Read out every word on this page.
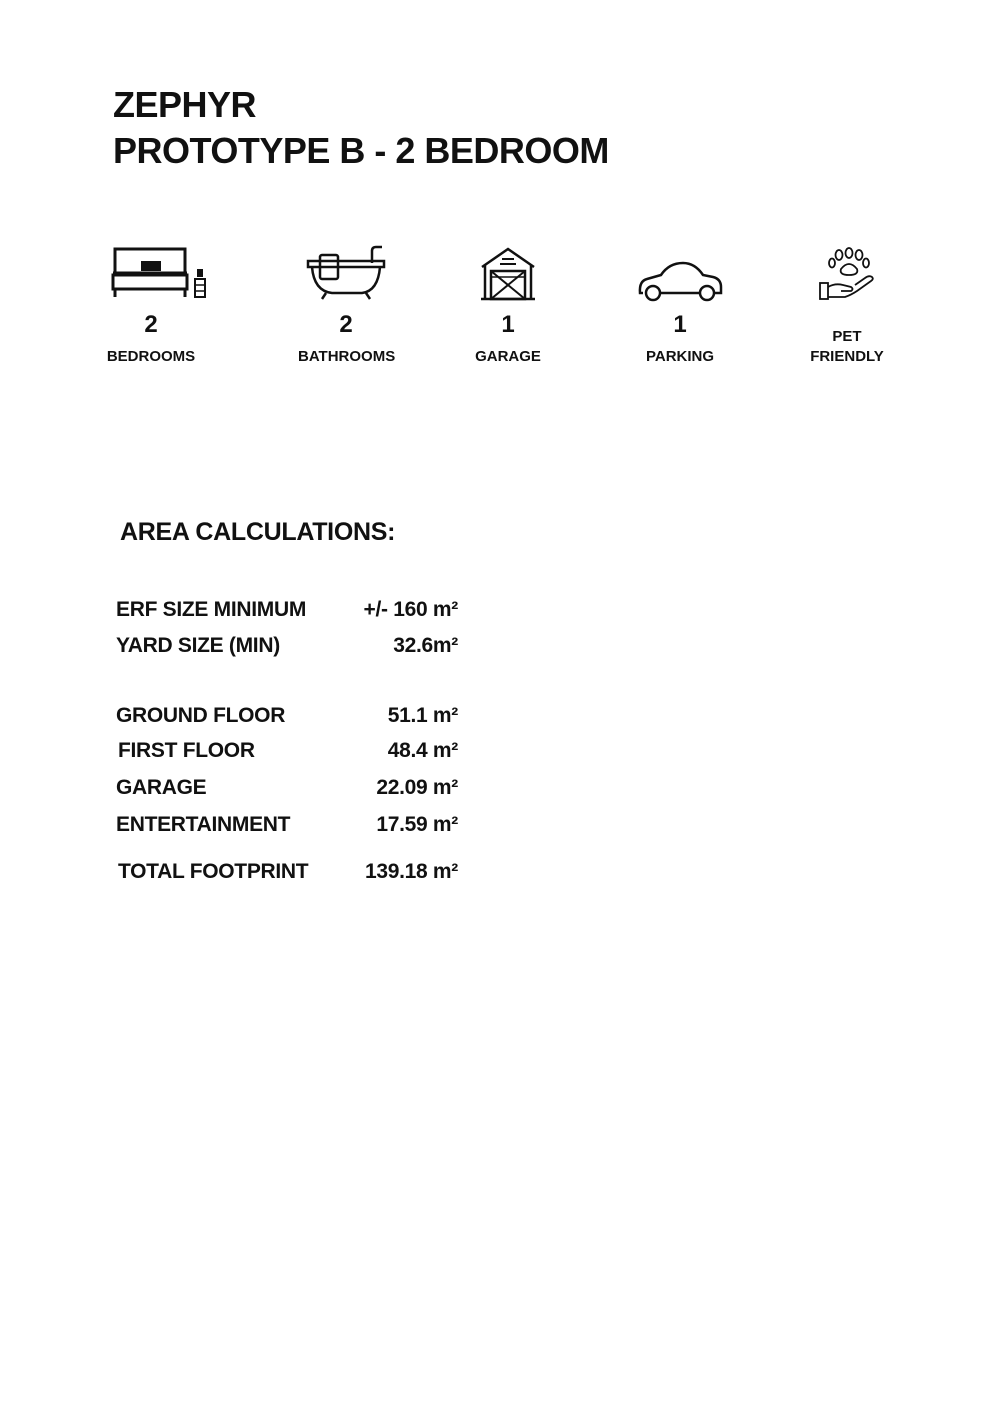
ZEPHYR
PROTOTYPE B - 2 BEDROOM
2
BEDROOMS
2
BATHROOMS
1
GARAGE
1
PARKING
PET
FRIENDLY
AREA CALCULATIONS:
ERF SIZE MINIMUM	+/- 160 m²
YARD SIZE (MIN)	32.6m²
GROUND FLOOR	51.1 m²
FIRST FLOOR	48.4 m²
GARAGE	22.09 m²
ENTERTAINMENT	17.59 m²
TOTAL FOOTPRINT	139.18 m²
